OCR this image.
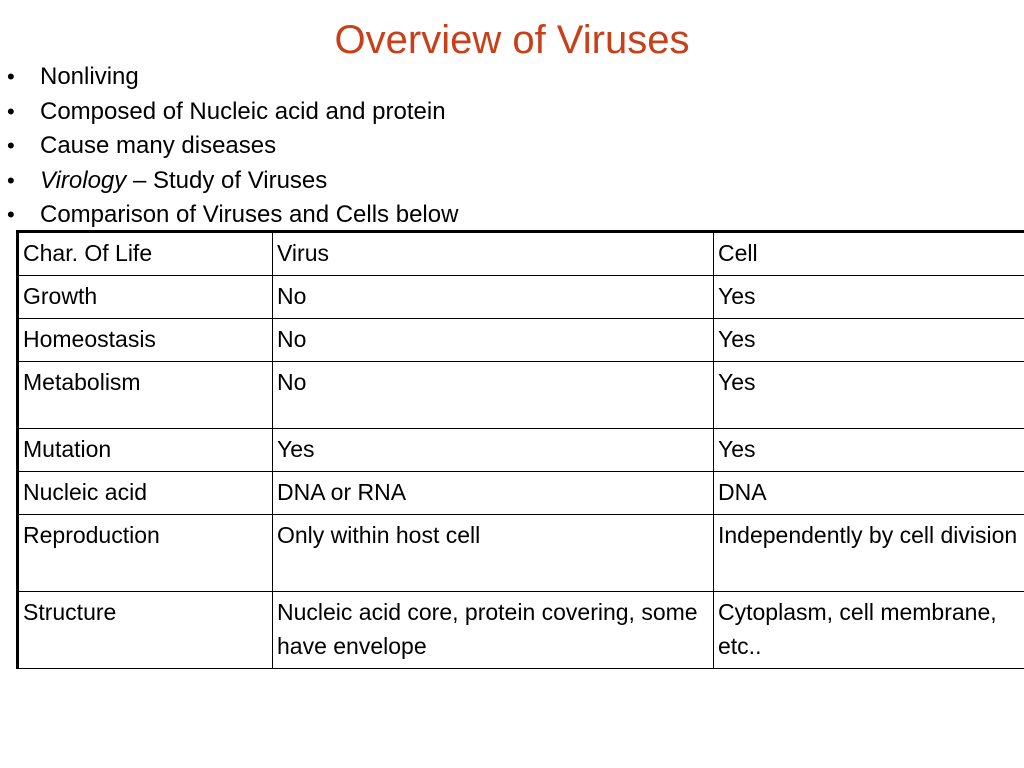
Overview of Viruses
• Nonliving
• Composed of Nucleic acid and protein
• Cause many diseases
• Virology – Study of Viruses
• Comparison of Viruses and Cells below
Char. Of Life	Virus	Cell
Growth	No	Yes
Homeostasis	No	Yes
Metabolism	No	Yes
Mutation	Yes	Yes
Nucleic acid	DNA or RNA	DNA
Reproduction	Only within host cell	Independently by cell division
Structure	Nucleic acid core, protein covering, some have envelope	Cytoplasm, cell membrane, etc..
